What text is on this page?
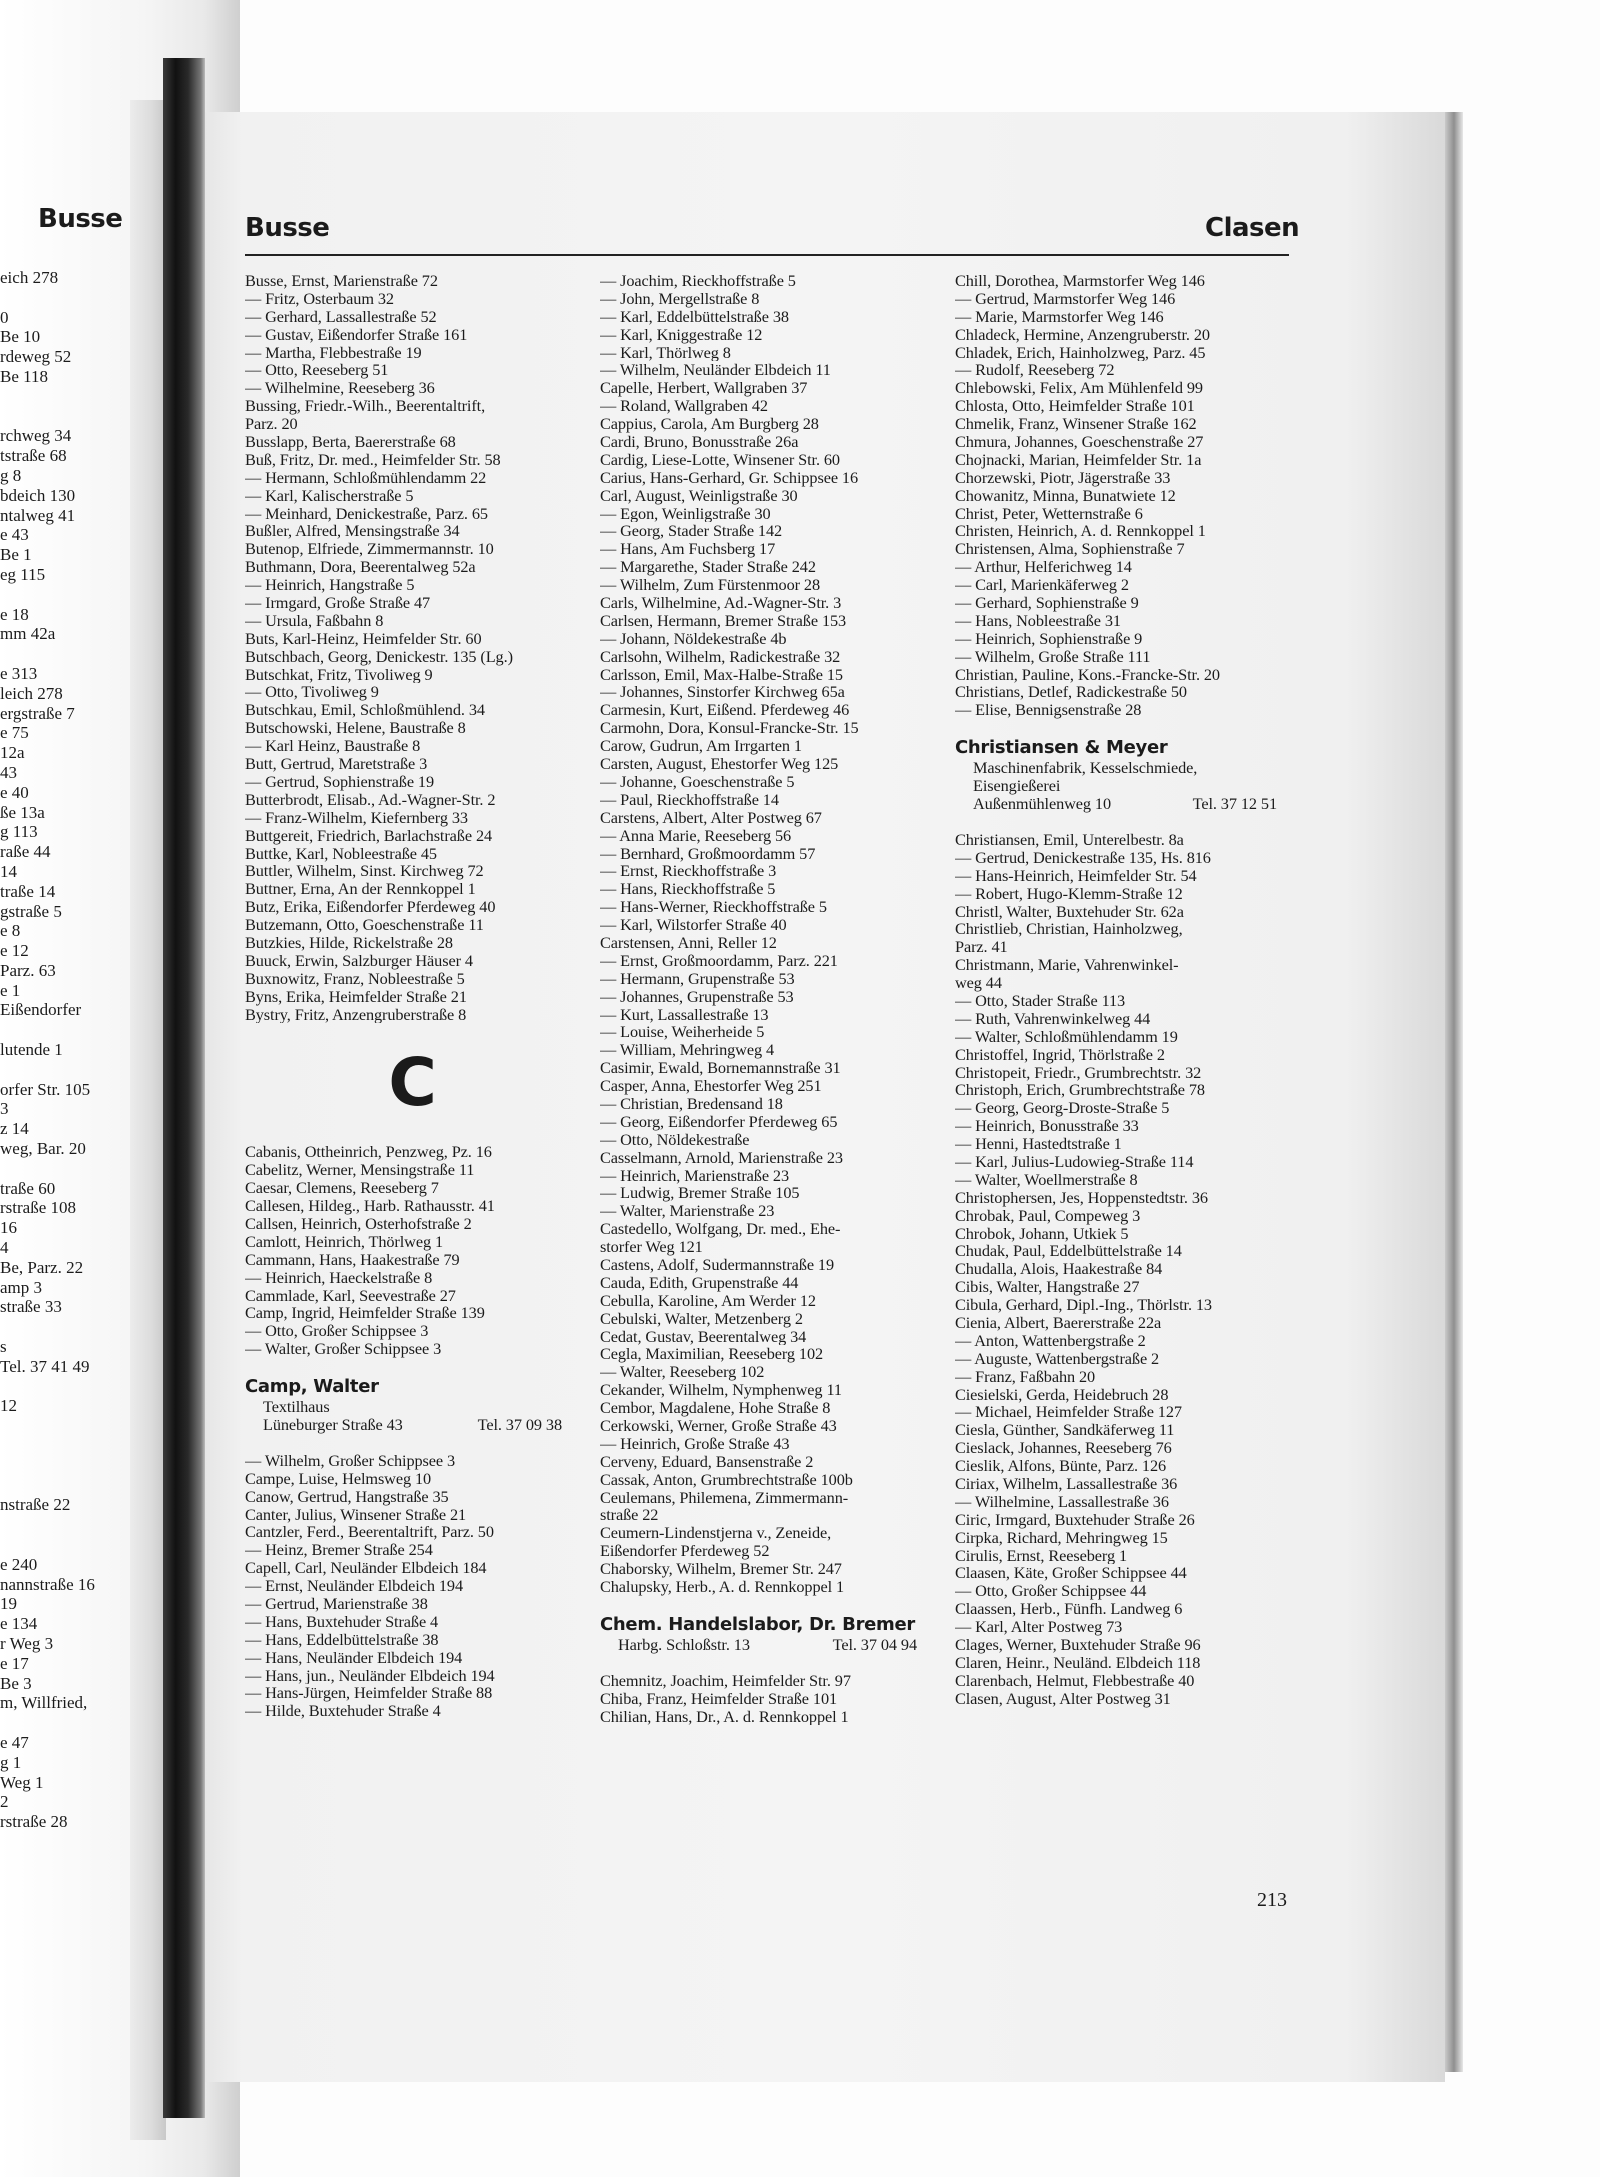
Busse
eich 278
0
Be 10
rdeweg 52
Be 118
rchweg 34
tstraße 68
g 8
bdeich 130
ntalweg 41
e 43
Be 1
eg 115
e 18
mm 42a
e 313
leich 278
ergstraße 7
e 75
12a
43
e 40
ße 13a
g 113
raße 44
14
traße 14
gstraße 5
e 8
e 12
Parz. 63
e 1
Eißendorfer
lutende 1
orfer Str. 105
3
z 14
weg, Bar. 20
traße 60
rstraße 108
16
4
Be, Parz. 22
amp 3
straße 33
s
Tel. 37 41 49
12
nstraße 22
e 240
nannstraße 16
19
e 134
r Weg 3
e 17
Be 3
m, Willfried,
e 47
g 1
Weg 1
2
rstraße 28
Busse	Clasen
Busse, Ernst, Marienstraße 72
— Fritz, Osterbaum 32
— Gerhard, Lassallestraße 52
— Gustav, Eißendorfer Straße 161
— Martha, Flebbestraße 19
— Otto, Reeseberg 51
— Wilhelmine, Reeseberg 36
Bussing, Friedr.-Wilh., Beerentaltrift,
Parz. 20
Busslapp, Berta, Baererstraße 68
Buß, Fritz, Dr. med., Heimfelder Str. 58
— Hermann, Schloßmühlendamm 22
— Karl, Kalischerstraße 5
— Meinhard, Denickestraße, Parz. 65
Bußler, Alfred, Mensingstraße 34
Butenop, Elfriede, Zimmermannstr. 10
Buthmann, Dora, Beerentalweg 52a
— Heinrich, Hangstraße 5
— Irmgard, Große Straße 47
— Ursula, Faßbahn 8
Buts, Karl-Heinz, Heimfelder Str. 60
Butschbach, Georg, Denickestr. 135 (Lg.)
Butschkat, Fritz, Tivoliweg 9
— Otto, Tivoliweg 9
Butschkau, Emil, Schloßmühlend. 34
Butschowski, Helene, Baustraße 8
— Karl Heinz, Baustraße 8
Butt, Gertrud, Maretstraße 3
— Gertrud, Sophienstraße 19
Butterbrodt, Elisab., Ad.-Wagner-Str. 2
— Franz-Wilhelm, Kiefernberg 33
Buttgereit, Friedrich, Barlachstraße 24
Buttke, Karl, Nobleestraße 45
Buttler, Wilhelm, Sinst. Kirchweg 72
Buttner, Erna, An der Rennkoppel 1
Butz, Erika, Eißendorfer Pferdeweg 40
Butzemann, Otto, Goeschenstraße 11
Butzkies, Hilde, Rickelstraße 28
Buuck, Erwin, Salzburger Häuser 4
Buxnowitz, Franz, Nobleestraße 5
Byns, Erika, Heimfelder Straße 21
Bystry, Fritz, Anzengruberstraße 8
C
Cabanis, Ottheinrich, Penzweg, Pz. 16
Cabelitz, Werner, Mensingstraße 11
Caesar, Clemens, Reeseberg 7
Callesen, Hildeg., Harb. Rathausstr. 41
Callsen, Heinrich, Osterhofstraße 2
Camlott, Heinrich, Thörlweg 1
Cammann, Hans, Haakestraße 79
— Heinrich, Haeckelstraße 8
Cammlade, Karl, Seevestraße 27
Camp, Ingrid, Heimfelder Straße 139
— Otto, Großer Schippsee 3
— Walter, Großer Schippsee 3
Camp, Walter
Textilhaus
Lüneburger Straße 43	Tel. 37 09 38
— Wilhelm, Großer Schippsee 3
Campe, Luise, Helmsweg 10
Canow, Gertrud, Hangstraße 35
Canter, Julius, Winsener Straße 21
Cantzler, Ferd., Beerentaltrift, Parz. 50
— Heinz, Bremer Straße 254
Capell, Carl, Neuländer Elbdeich 184
— Ernst, Neuländer Elbdeich 194
— Gertrud, Marienstraße 38
— Hans, Buxtehuder Straße 4
— Hans, Eddelbüttelstraße 38
— Hans, Neuländer Elbdeich 194
— Hans, jun., Neuländer Elbdeich 194
— Hans-Jürgen, Heimfelder Straße 88
— Hilde, Buxtehuder Straße 4
— Joachim, Rieckhoffstraße 5
— John, Mergellstraße 8
— Karl, Eddelbüttelstraße 38
— Karl, Kniggestraße 12
— Karl, Thörlweg 8
— Wilhelm, Neuländer Elbdeich 11
Capelle, Herbert, Wallgraben 37
— Roland, Wallgraben 42
Cappius, Carola, Am Burgberg 28
Cardi, Bruno, Bonusstraße 26a
Cardig, Liese-Lotte, Winsener Str. 60
Carius, Hans-Gerhard, Gr. Schippsee 16
Carl, August, Weinligstraße 30
— Egon, Weinligstraße 30
— Georg, Stader Straße 142
— Hans, Am Fuchsberg 17
— Margarethe, Stader Straße 242
— Wilhelm, Zum Fürstenmoor 28
Carls, Wilhelmine, Ad.-Wagner-Str. 3
Carlsen, Hermann, Bremer Straße 153
— Johann, Nöldekestraße 4b
Carlsohn, Wilhelm, Radickestraße 32
Carlsson, Emil, Max-Halbe-Straße 15
— Johannes, Sinstorfer Kirchweg 65a
Carmesin, Kurt, Eißend. Pferdeweg 46
Carmohn, Dora, Konsul-Francke-Str. 15
Carow, Gudrun, Am Irrgarten 1
Carsten, August, Ehestorfer Weg 125
— Johanne, Goeschenstraße 5
— Paul, Rieckhoffstraße 14
Carstens, Albert, Alter Postweg 67
— Anna Marie, Reeseberg 56
— Bernhard, Großmoordamm 57
— Ernst, Rieckhoffstraße 3
— Hans, Rieckhoffstraße 5
— Hans-Werner, Rieckhoffstraße 5
— Karl, Wilstorfer Straße 40
Carstensen, Anni, Reller 12
— Ernst, Großmoordamm, Parz. 221
— Hermann, Grupenstraße 53
— Johannes, Grupenstraße 53
— Kurt, Lassallestraße 13
— Louise, Weiherheide 5
— William, Mehringweg 4
Casimir, Ewald, Bornemannstraße 31
Casper, Anna, Ehestorfer Weg 251
— Christian, Bredensand 18
— Georg, Eißendorfer Pferdeweg 65
— Otto, Nöldekestraße
Casselmann, Arnold, Marienstraße 23
— Heinrich, Marienstraße 23
— Ludwig, Bremer Straße 105
— Walter, Marienstraße 23
Castedello, Wolfgang, Dr. med., Ehe-
storfer Weg 121
Castens, Adolf, Sudermannstraße 19
Cauda, Edith, Grupenstraße 44
Cebulla, Karoline, Am Werder 12
Cebulski, Walter, Metzenberg 2
Cedat, Gustav, Beerentalweg 34
Cegla, Maximilian, Reeseberg 102
— Walter, Reeseberg 102
Cekander, Wilhelm, Nymphenweg 11
Cembor, Magdalene, Hohe Straße 8
Cerkowski, Werner, Große Straße 43
— Heinrich, Große Straße 43
Cerveny, Eduard, Bansenstraße 2
Cassak, Anton, Grumbrechtstraße 100b
Ceulemans, Philemena, Zimmermann-
straße 22
Ceumern-Lindenstjerna v., Zeneide,
Eißendorfer Pferdeweg 52
Chaborsky, Wilhelm, Bremer Str. 247
Chalupsky, Herb., A. d. Rennkoppel 1
Chem. Handelslabor, Dr. Bremer
Harbg. Schloßstr. 13	Tel. 37 04 94
Chemnitz, Joachim, Heimfelder Str. 97
Chiba, Franz, Heimfelder Straße 101
Chilian, Hans, Dr., A. d. Rennkoppel 1
Chill, Dorothea, Marmstorfer Weg 146
— Gertrud, Marmstorfer Weg 146
— Marie, Marmstorfer Weg 146
Chladeck, Hermine, Anzengruberstr. 20
Chladek, Erich, Hainholzweg, Parz. 45
— Rudolf, Reeseberg 72
Chlebowski, Felix, Am Mühlenfeld 99
Chlosta, Otto, Heimfelder Straße 101
Chmelik, Franz, Winsener Straße 162
Chmura, Johannes, Goeschenstraße 27
Chojnacki, Marian, Heimfelder Str. 1a
Chorzewski, Piotr, Jägerstraße 33
Chowanitz, Minna, Bunatwiete 12
Christ, Peter, Wetternstraße 6
Christen, Heinrich, A. d. Rennkoppel 1
Christensen, Alma, Sophienstraße 7
— Arthur, Helferichweg 14
— Carl, Marienkäferweg 2
— Gerhard, Sophienstraße 9
— Hans, Nobleestraße 31
— Heinrich, Sophienstraße 9
— Wilhelm, Große Straße 111
Christian, Pauline, Kons.-Francke-Str. 20
Christians, Detlef, Radickestraße 50
— Elise, Bennigsenstraße 28
Christiansen & Meyer
Maschinenfabrik, Kesselschmiede,
Eisengießerei
Außenmühlenweg 10	Tel. 37 12 51
Christiansen, Emil, Unterelbestr. 8a
— Gertrud, Denickestraße 135, Hs. 816
— Hans-Heinrich, Heimfelder Str. 54
— Robert, Hugo-Klemm-Straße 12
Christl, Walter, Buxtehuder Str. 62a
Christlieb, Christian, Hainholzweg,
Parz. 41
Christmann, Marie, Vahrenwinkel-
weg 44
— Otto, Stader Straße 113
— Ruth, Vahrenwinkelweg 44
— Walter, Schloßmühlendamm 19
Christoffel, Ingrid, Thörlstraße 2
Christopeit, Friedr., Grumbrechtstr. 32
Christoph, Erich, Grumbrechtstraße 78
— Georg, Georg-Droste-Straße 5
— Heinrich, Bonusstraße 33
— Henni, Hastedtstraße 1
— Karl, Julius-Ludowieg-Straße 114
— Walter, Woellmerstraße 8
Christophersen, Jes, Hoppenstedtstr. 36
Chrobak, Paul, Compeweg 3
Chrobok, Johann, Utkiek 5
Chudak, Paul, Eddelbüttelstraße 14
Chudalla, Alois, Haakestraße 84
Cibis, Walter, Hangstraße 27
Cibula, Gerhard, Dipl.-Ing., Thörlstr. 13
Cienia, Albert, Baererstraße 22a
— Anton, Wattenbergstraße 2
— Auguste, Wattenbergstraße 2
— Franz, Faßbahn 20
Ciesielski, Gerda, Heidebruch 28
— Michael, Heimfelder Straße 127
Ciesla, Günther, Sandkäferweg 11
Cieslack, Johannes, Reeseberg 76
Cieslik, Alfons, Bünte, Parz. 126
Ciriax, Wilhelm, Lassallestraße 36
— Wilhelmine, Lassallestraße 36
Ciric, Irmgard, Buxtehuder Straße 26
Cirpka, Richard, Mehringweg 15
Cirulis, Ernst, Reeseberg 1
Claasen, Käte, Großer Schippsee 44
— Otto, Großer Schippsee 44
Claassen, Herb., Fünfh. Landweg 6
— Karl, Alter Postweg 73
Clages, Werner, Buxtehuder Straße 96
Claren, Heinr., Neuländ. Elbdeich 118
Clarenbach, Helmut, Flebbestraße 40
Clasen, August, Alter Postweg 31
213
